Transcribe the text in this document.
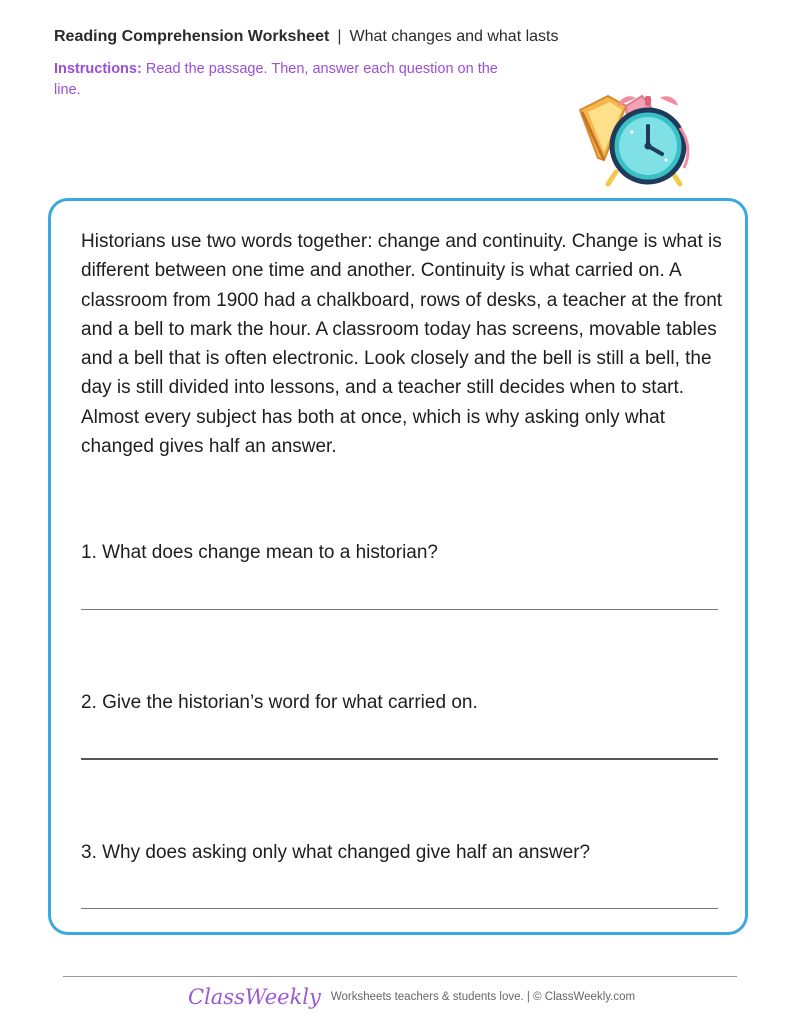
Reading Comprehension Worksheet | What changes and what lasts
Instructions: Read the passage. Then, answer each question on the line.
Historians use two words together: change and continuity. Change is what is different between one time and another. Continuity is what carried on. A classroom from 1900 had a chalkboard, rows of desks, a teacher at the front and a bell to mark the hour. A classroom today has screens, movable tables and a bell that is often electronic. Look closely and the bell is still a bell, the day is still divided into lessons, and a teacher still decides when to start. Almost every subject has both at once, which is why asking only what changed gives half an answer.
1. What does change mean to a historian?
2. Give the historian’s word for what carried on.
3. Why does asking only what changed give half an answer?
ClassWeekly Worksheets teachers & students love. | © ClassWeekly.com
